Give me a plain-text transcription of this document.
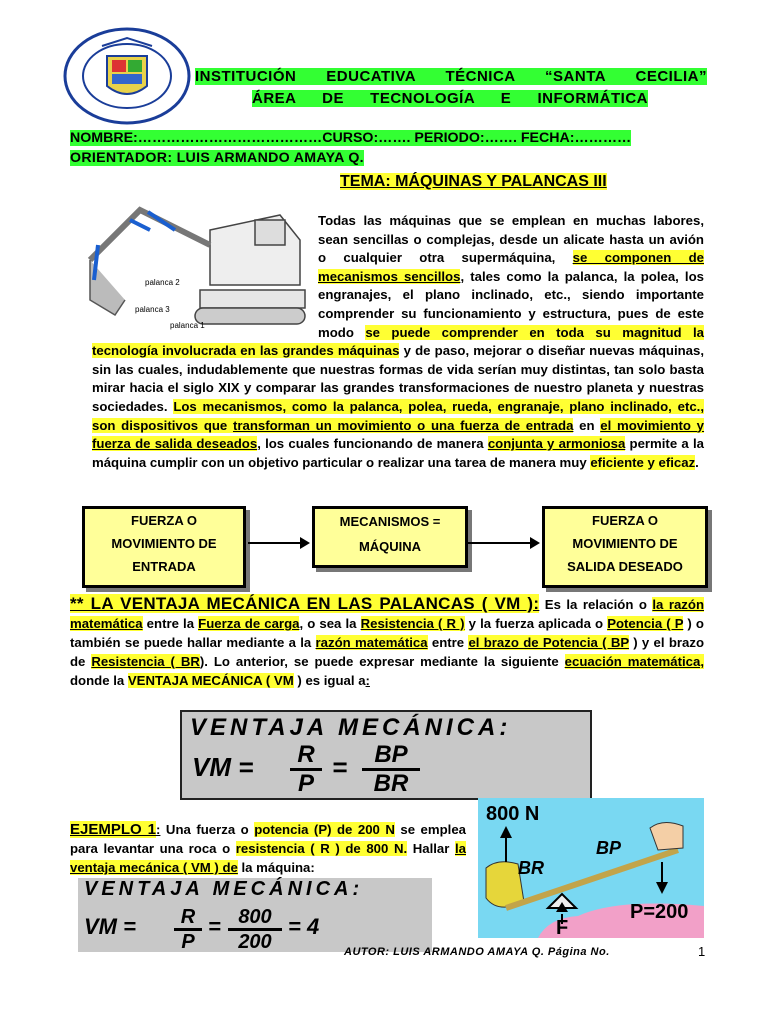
INSTITUCIÓN EDUCATIVA TÉCNICA “SANTA CECILIA”
ÁREA DE TECNOLOGÍA E INFORMÁTICA
NOMBRE:…………………………………CURSO:……. PERIODO:……. FECHA:…………
ORIENTADOR: LUIS ARMANDO AMAYA Q.
TEMA: MÁQUINAS Y PALANCAS III
palanca 2
palanca 3
palanca 1
Todas las máquinas que se emplean en muchas labores, sean sencillas o complejas, desde un alicate hasta un avión o cualquier otra supermáquina, se componen de mecanismos sencillos, tales como la palanca, la polea, los engranajes, el plano inclinado, etc., siendo importante comprender su funcionamiento y estructura, pues de este modo se puede comprender en toda su magnitud la tecnología involucrada en las grandes máquinas y de paso, mejorar o diseñar nuevas máquinas, sin las cuales, indudablemente que nuestras formas de vida serían muy distintas, tan solo basta mirar hacia el siglo XIX y comparar las grandes transformaciones de nuestro planeta y nuestras sociedades. Los mecanismos, como la palanca, polea, rueda, engranaje, plano inclinado, etc., son dispositivos que transforman un movimiento o una fuerza de entrada en el movimiento y fuerza de salida deseados, los cuales funcionando de manera conjunta y armoniosa permite a la máquina cumplir con un objetivo particular o realizar una tarea de manera muy eficiente y eficaz.
FUERZA O
MOVIMIENTO DE
ENTRADA
MECANISMOS =
MÁQUINA
FUERZA O
MOVIMIENTO DE
SALIDA DESEADO
** LA VENTAJA MECÁNICA EN LAS PALANCAS ( VM ): Es la relación o la razón matemática entre la Fuerza de carga, o sea la Resistencia ( R ) y la fuerza aplicada o Potencia ( P ) o también se puede hallar mediante a la razón matemática entre el brazo de Potencia ( BP ) y el brazo de Resistencia ( BR). Lo anterior, se puede expresar mediante la siguiente ecuación matemática, donde la VENTAJA MECÁNICA ( VM ) es igual a:
VENTAJA MECÁNICA:
VM = $\frac{R}{P} = \frac{BP}{BR}$
EJEMPLO 1: Una fuerza o potencia (P) de 200 N se emplea para levantar una roca o resistencia ( R ) de 800 N. Hallar la ventaja mecánica ( VM ) de la máquina:
VENTAJA MECÁNICA:
VM = $\frac{R}{P} = \frac{800}{200} = 4$
800 N
BR
BP
F
P=200
AUTOR: LUIS ARMANDO AMAYA Q. Página No.	1
